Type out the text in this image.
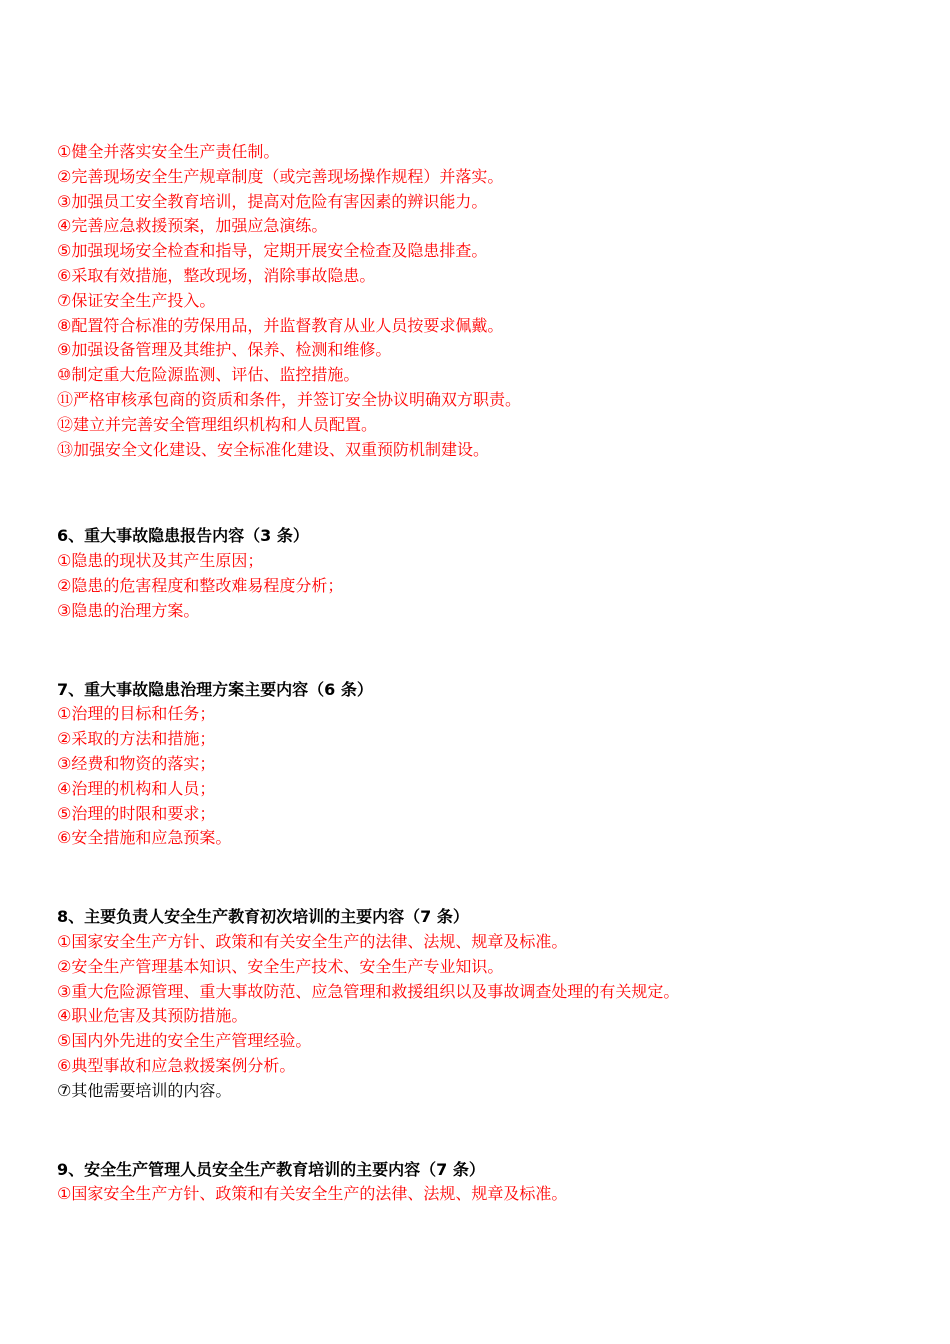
①健全并落实安全生产责任制。
②完善现场安全生产规章制度（或完善现场操作规程）并落实。
③加强员工安全教育培训，提高对危险有害因素的辨识能力。
④完善应急救援预案，加强应急演练。
⑤加强现场安全检查和指导，定期开展安全检查及隐患排查。
⑥采取有效措施，整改现场，消除事故隐患。
⑦保证安全生产投入。
⑧配置符合标准的劳保用品，并监督教育从业人员按要求佩戴。
⑨加强设备管理及其维护、保养、检测和维修。
⑩制定重大危险源监测、评估、监控措施。
⑪严格审核承包商的资质和条件，并签订安全协议明确双方职责。
⑫建立并完善安全管理组织机构和人员配置。
⑬加强安全文化建设、安全标准化建设、双重预防机制建设。
6、重大事故隐患报告内容（3 条）
①隐患的现状及其产生原因；
②隐患的危害程度和整改难易程度分析；
③隐患的治理方案。
7、重大事故隐患治理方案主要内容（6 条）
①治理的目标和任务；
②采取的方法和措施；
③经费和物资的落实；
④治理的机构和人员；
⑤治理的时限和要求；
⑥安全措施和应急预案。
8、主要负责人安全生产教育初次培训的主要内容（7 条）
①国家安全生产方针、政策和有关安全生产的法律、法规、规章及标准。
②安全生产管理基本知识、安全生产技术、安全生产专业知识。
③重大危险源管理、重大事故防范、应急管理和救援组织以及事故调查处理的有关规定。
④职业危害及其预防措施。
⑤国内外先进的安全生产管理经验。
⑥典型事故和应急救援案例分析。
⑦其他需要培训的内容。
9、安全生产管理人员安全生产教育培训的主要内容（7 条）
①国家安全生产方针、政策和有关安全生产的法律、法规、规章及标准。
